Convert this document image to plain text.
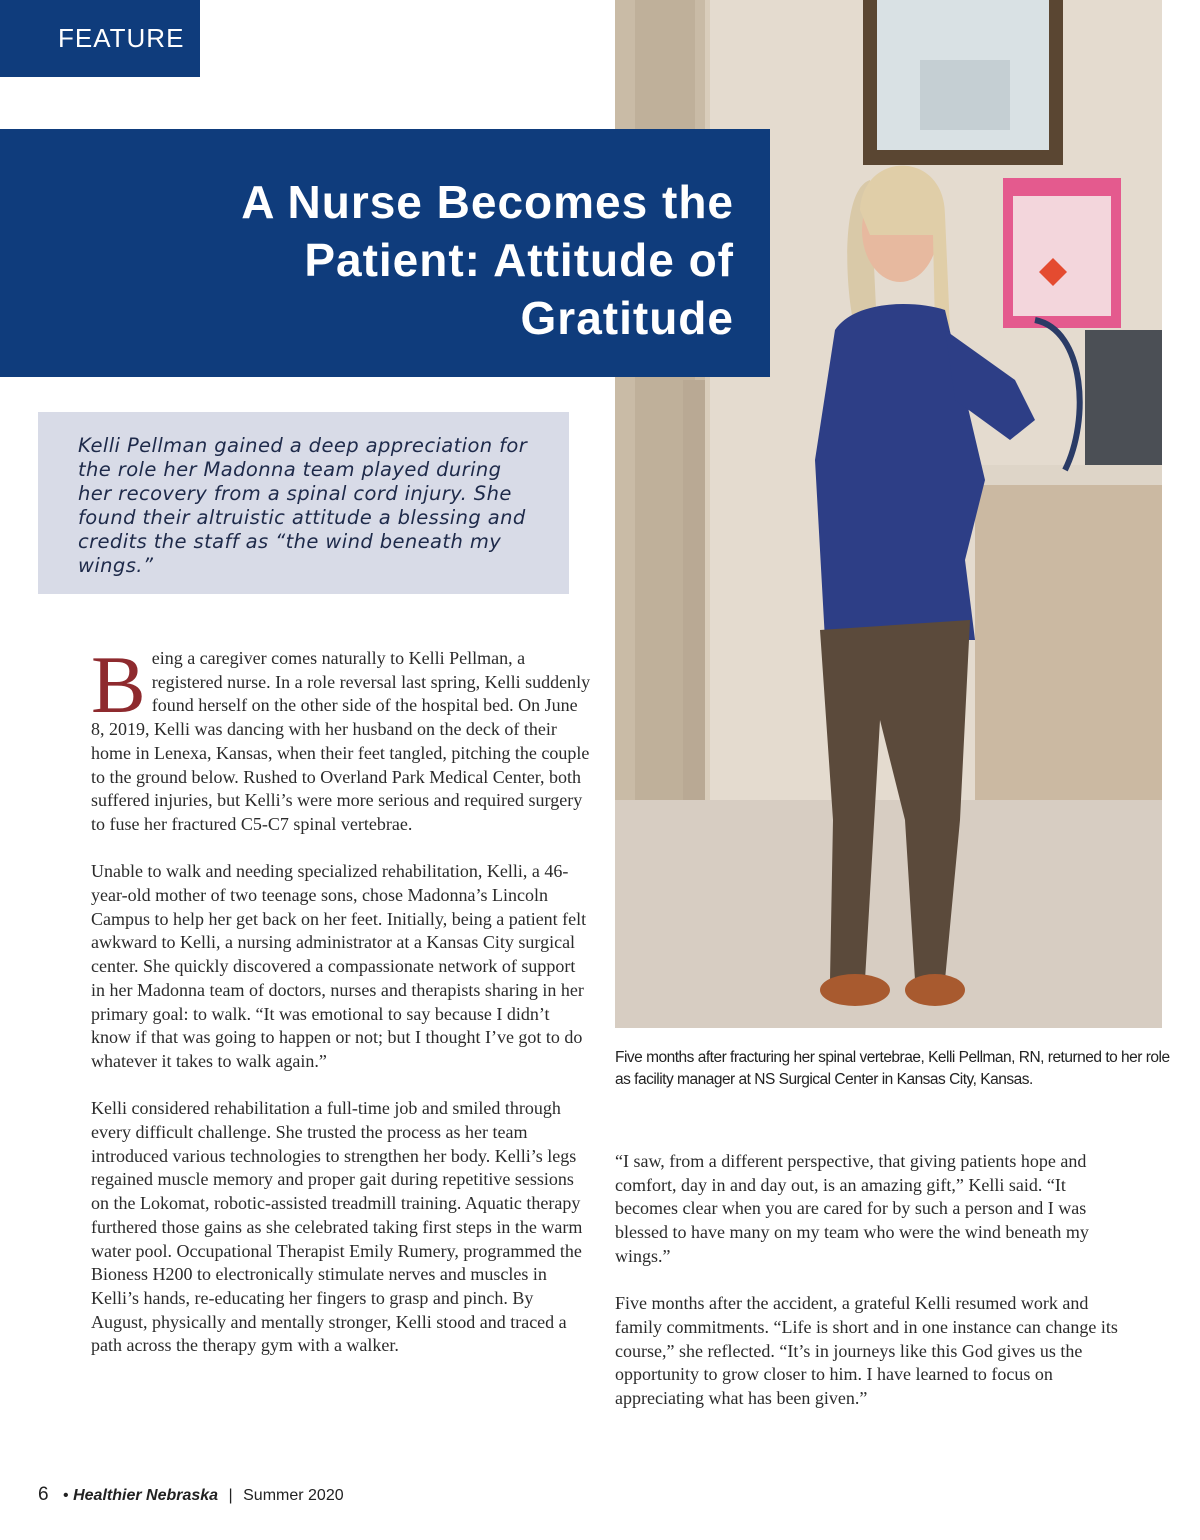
FEATURE
A Nurse Becomes the Patient: Attitude of Gratitude

Kelli Pellman gained a deep appreciation for the role her Madonna team played during her recovery from a spinal cord injury. She found their altruistic attitude a blessing and credits the staff as “the wind beneath my wings.”

Being a caregiver comes naturally to Kelli Pellman, a registered nurse. In a role reversal last spring, Kelli suddenly found herself on the other side of the hospital bed. On June 8, 2019, Kelli was dancing with her husband on the deck of their home in Lenexa, Kansas, when their feet tangled, pitching the couple to the ground below. Rushed to Overland Park Medical Center, both suffered injuries, but Kelli’s were more serious and required surgery to fuse her fractured C5-C7 spinal vertebrae.

Unable to walk and needing specialized rehabilitation, Kelli, a 46-year-old mother of two teenage sons, chose Madonna’s Lincoln Campus to help her get back on her feet. Initially, being a patient felt awkward to Kelli, a nursing administrator at a Kansas City surgical center. She quickly discovered a compassionate network of support in her Madonna team of doctors, nurses and therapists sharing in her primary goal: to walk. “It was emotional to say because I didn’t know if that was going to happen or not; but I thought I’ve got to do whatever it takes to walk again.”

Kelli considered rehabilitation a full-time job and smiled through every difficult challenge. She trusted the process as her team introduced various technologies to strengthen her body. Kelli’s legs regained muscle memory and proper gait during repetitive sessions on the Lokomat, robotic-assisted treadmill training. Aquatic therapy furthered those gains as she celebrated taking first steps in the warm water pool. Occupational Therapist Emily Rumery, programmed the Bioness H200 to electronically stimulate nerves and muscles in Kelli’s hands, re-educating her fingers to grasp and pinch. By August, physically and mentally stronger, Kelli stood and traced a path across the therapy gym with a walker.

Five months after fracturing her spinal vertebrae, Kelli Pellman, RN, returned to her role as facility manager at NS Surgical Center in Kansas City, Kansas.

“I saw, from a different perspective, that giving patients hope and comfort, day in and day out, is an amazing gift,” Kelli said. “It becomes clear when you are cared for by such a person and I was blessed to have many on my team who were the wind beneath my wings.”

Five months after the accident, a grateful Kelli resumed work and family commitments. “Life is short and in one instance can change its course,” she reflected. “It’s in journeys like this God gives us the opportunity to grow closer to him. I have learned to focus on appreciating what has been given.”

6 • Healthier Nebraska | Summer 2020
